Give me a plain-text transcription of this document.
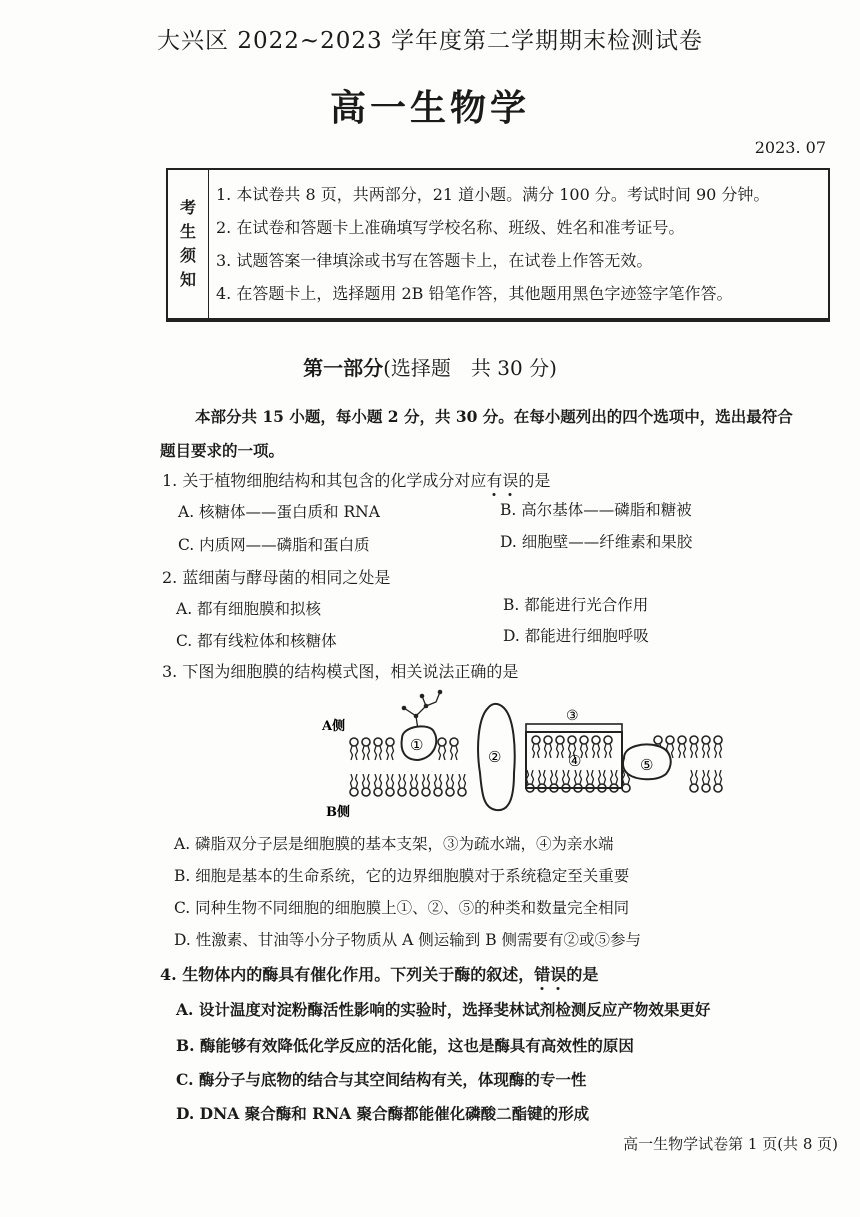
大兴区 2022~2023 学年度第二学期期末检测试卷
高一生物学
2023. 07
考
生
须
知
1. 本试卷共 8 页，共两部分，21 道小题。满分 100 分。考试时间 90 分钟。
2. 在试卷和答题卡上准确填写学校名称、班级、姓名和准考证号。
3. 试题答案一律填涂或书写在答题卡上，在试卷上作答无效。
4. 在答题卡上，选择题用 2B 铅笔作答，其他题用黑色字迹签字笔作答。
第一部分(选择题　共 30 分)
本部分共 15 小题，每小题 2 分，共 30 分。在每小题列出的四个选项中，选出最符合
题目要求的一项。
1. 关于植物细胞结构和其包含的化学成分对应有误的是
A. 核糖体——蛋白质和 RNA	B. 高尔基体——磷脂和糖被
C. 内质网——磷脂和蛋白质	D. 细胞壁——纤维素和果胶
2. 蓝细菌与酵母菌的相同之处是
A. 都有细胞膜和拟核	B. 都能进行光合作用
C. 都有线粒体和核糖体	D. 都能进行细胞呼吸
3. 下图为细胞膜的结构模式图，相关说法正确的是
A侧
B侧
①
②
③
④	⑤
A. 磷脂双分子层是细胞膜的基本支架，③为疏水端，④为亲水端
B. 细胞是基本的生命系统，它的边界细胞膜对于系统稳定至关重要
C. 同种生物不同细胞的细胞膜上①、②、⑤的种类和数量完全相同
D. 性激素、甘油等小分子物质从 A 侧运输到 B 侧需要有②或⑤参与
4. 生物体内的酶具有催化作用。下列关于酶的叙述，错误的是
A. 设计温度对淀粉酶活性影响的实验时，选择斐林试剂检测反应产物效果更好
B. 酶能够有效降低化学反应的活化能，这也是酶具有高效性的原因
C. 酶分子与底物的结合与其空间结构有关，体现酶的专一性
D. DNA 聚合酶和 RNA 聚合酶都能催化磷酸二酯键的形成
高一生物学试卷第 1 页(共 8 页)
